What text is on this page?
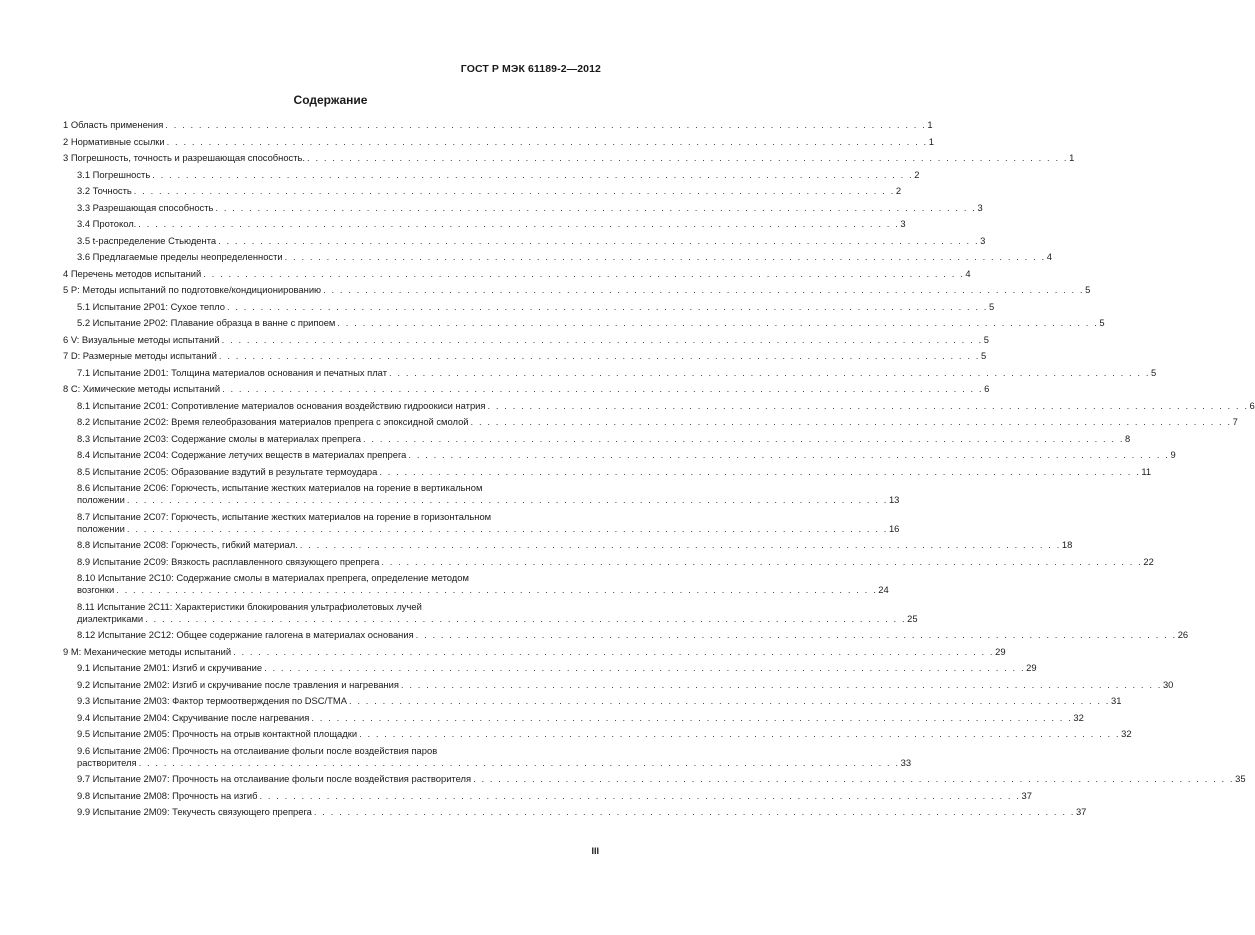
ГОСТ Р МЭК 61189-2—2012
Содержание
1 Область применения . . . . . . . . . . . . . . . . . . . . . . . . . . . . . . . . . . . . . . . . . . . . . . . . . . . . . . . . . . . . . . . . . . . . . . . . . . . . . . . . . . . . . . . . . . . 1
2 Нормативные ссылки . . . . . . . . . . . . . . . . . . . . . . . . . . . . . . . . . . . . . . . . . . . . . . . . . . . . . . . . . . . . . . . . . . . . . . . . . . . . . . . . . . . . . . . . . . . 1
3 Погрешность, точность и разрешающая способность. . . . . . . . . . . . . . . . . . . . . . . . . . . . . . . . . . . . . . . . . . . . . . . . . . . . . . . . . . . . . . . . . . . . . . . . . . . . . . . . . . . . . . . . . . . . 1
3.1 Погрешность . . . . . . . . . . . . . . . . . . . . . . . . . . . . . . . . . . . . . . . . . . . . . . . . . . . . . . . . . . . . . . . . . . . . . . . . . . . . . . . . . . . . . . . . . . . 2
3.2 Точность . . . . . . . . . . . . . . . . . . . . . . . . . . . . . . . . . . . . . . . . . . . . . . . . . . . . . . . . . . . . . . . . . . . . . . . . . . . . . . . . . . . . . . . . . . . 2
3.3 Разрешающая способность . . . . . . . . . . . . . . . . . . . . . . . . . . . . . . . . . . . . . . . . . . . . . . . . . . . . . . . . . . . . . . . . . . . . . . . . . . . . . . . . . . . . . . . . . . . 3
3.4 Протокол. . . . . . . . . . . . . . . . . . . . . . . . . . . . . . . . . . . . . . . . . . . . . . . . . . . . . . . . . . . . . . . . . . . . . . . . . . . . . . . . . . . . . . . . . . . . 3
3.5 t-распределение Стьюдента . . . . . . . . . . . . . . . . . . . . . . . . . . . . . . . . . . . . . . . . . . . . . . . . . . . . . . . . . . . . . . . . . . . . . . . . . . . . . . . . . . . . . . . . . . . 3
3.6 Предлагаемые пределы неопределенности . . . . . . . . . . . . . . . . . . . . . . . . . . . . . . . . . . . . . . . . . . . . . . . . . . . . . . . . . . . . . . . . . . . . . . . . . . . . . . . . . . . . . . . . . . . 4
4 Перечень методов испытаний . . . . . . . . . . . . . . . . . . . . . . . . . . . . . . . . . . . . . . . . . . . . . . . . . . . . . . . . . . . . . . . . . . . . . . . . . . . . . . . . . . . . . . . . . . . 4
5 P: Методы испытаний по подготовке/кондиционированию . . . . . . . . . . . . . . . . . . . . . . . . . . . . . . . . . . . . . . . . . . . . . . . . . . . . . . . . . . . . . . . . . . . . . . . . . . . . . . . . . . . . . . . . . . . 5
5.1 Испытание 2P01: Сухое тепло . . . . . . . . . . . . . . . . . . . . . . . . . . . . . . . . . . . . . . . . . . . . . . . . . . . . . . . . . . . . . . . . . . . . . . . . . . . . . . . . . . . . . . . . . . . 5
5.2 Испытание 2P02: Плавание образца в ванне с припоем . . . . . . . . . . . . . . . . . . . . . . . . . . . . . . . . . . . . . . . . . . . . . . . . . . . . . . . . . . . . . . . . . . . . . . . . . . . . . . . . . . . . . . . . . . . 5
6 V: Визуальные методы испытаний . . . . . . . . . . . . . . . . . . . . . . . . . . . . . . . . . . . . . . . . . . . . . . . . . . . . . . . . . . . . . . . . . . . . . . . . . . . . . . . . . . . . . . . . . . . 5
7 D: Размерные методы испытаний . . . . . . . . . . . . . . . . . . . . . . . . . . . . . . . . . . . . . . . . . . . . . . . . . . . . . . . . . . . . . . . . . . . . . . . . . . . . . . . . . . . . . . . . . . . 5
7.1 Испытание 2D01: Толщина материалов основания и печатных плат . . . . . . . . . . . . . . . . . . . . . . . . . . . . . . . . . . . . . . . . . . . . . . . . . . . . . . . . . . . . . . . . . . . . . . . . . . . . . . . . . . . . . . . . . . . 5
8 C: Химические методы испытаний . . . . . . . . . . . . . . . . . . . . . . . . . . . . . . . . . . . . . . . . . . . . . . . . . . . . . . . . . . . . . . . . . . . . . . . . . . . . . . . . . . . . . . . . . . . 6
8.1 Испытание 2C01: Сопротивление материалов основания воздействию гидроокиси натрия . . . . . . . . . . . . . . . . . . . . . . . . . . . . . . . . . . . . . . . . . . . . . . . . . . . . . . . . . . . . . . . . . . . . . . . . . . . . . . . . . . . . . . . . . . . 6
8.2 Испытание 2C02: Время гелеобразования материалов препрега с эпоксидной смолой . . . . . . . . . . . . . . . . . . . . . . . . . . . . . . . . . . . . . . . . . . . . . . . . . . . . . . . . . . . . . . . . . . . . . . . . . . . . . . . . . . . . . . . . . . . 7
8.3 Испытание 2C03: Содержание смолы в материалах препрега . . . . . . . . . . . . . . . . . . . . . . . . . . . . . . . . . . . . . . . . . . . . . . . . . . . . . . . . . . . . . . . . . . . . . . . . . . . . . . . . . . . . . . . . . . . 8
8.4 Испытание 2C04: Содержание летучих веществ в материалах препрега . . . . . . . . . . . . . . . . . . . . . . . . . . . . . . . . . . . . . . . . . . . . . . . . . . . . . . . . . . . . . . . . . . . . . . . . . . . . . . . . . . . . . . . . . . . 9
8.5 Испытание 2C05: Образование вздутий в результате термоудара . . . . . . . . . . . . . . . . . . . . . . . . . . . . . . . . . . . . . . . . . . . . . . . . . . . . . . . . . . . . . . . . . . . . . . . . . . . . . . . . . . . . . . . . . . . 11
8.6 Испытание 2C06: Горючесть, испытание жестких материалов на горение в вертикальном
положении . . . . . . . . . . . . . . . . . . . . . . . . . . . . . . . . . . . . . . . . . . . . . . . . . . . . . . . . . . . . . . . . . . . . . . . . . . . . . . . . . . . . . . . . . . . 13
8.7 Испытание 2C07: Горючесть, испытание жестких материалов на горение в горизонтальном
положении . . . . . . . . . . . . . . . . . . . . . . . . . . . . . . . . . . . . . . . . . . . . . . . . . . . . . . . . . . . . . . . . . . . . . . . . . . . . . . . . . . . . . . . . . . . 16
8.8 Испытание 2C08: Горючесть, гибкий материал. . . . . . . . . . . . . . . . . . . . . . . . . . . . . . . . . . . . . . . . . . . . . . . . . . . . . . . . . . . . . . . . . . . . . . . . . . . . . . . . . . . . . . . . . . . . 18
8.9 Испытание 2C09: Вязкость расплавленного связующего препрега . . . . . . . . . . . . . . . . . . . . . . . . . . . . . . . . . . . . . . . . . . . . . . . . . . . . . . . . . . . . . . . . . . . . . . . . . . . . . . . . . . . . . . . . . . . 22
8.10 Испытание 2C10: Содержание смолы в материалах препрега, определение методом
возгонки . . . . . . . . . . . . . . . . . . . . . . . . . . . . . . . . . . . . . . . . . . . . . . . . . . . . . . . . . . . . . . . . . . . . . . . . . . . . . . . . . . . . . . . . . . . 24
8.11 Испытание 2C11: Характеристики блокирования ультрафиолетовых лучей
диэлектриками . . . . . . . . . . . . . . . . . . . . . . . . . . . . . . . . . . . . . . . . . . . . . . . . . . . . . . . . . . . . . . . . . . . . . . . . . . . . . . . . . . . . . . . . . . . 25
8.12 Испытание 2C12: Общее содержание галогена в материалах основания . . . . . . . . . . . . . . . . . . . . . . . . . . . . . . . . . . . . . . . . . . . . . . . . . . . . . . . . . . . . . . . . . . . . . . . . . . . . . . . . . . . . . . . . . . . 26
9 M: Механические методы испытаний . . . . . . . . . . . . . . . . . . . . . . . . . . . . . . . . . . . . . . . . . . . . . . . . . . . . . . . . . . . . . . . . . . . . . . . . . . . . . . . . . . . . . . . . . . . 29
9.1 Испытание 2M01: Изгиб и скручивание . . . . . . . . . . . . . . . . . . . . . . . . . . . . . . . . . . . . . . . . . . . . . . . . . . . . . . . . . . . . . . . . . . . . . . . . . . . . . . . . . . . . . . . . . . . 29
9.2 Испытание 2M02: Изгиб и скручивание после травления и нагревания . . . . . . . . . . . . . . . . . . . . . . . . . . . . . . . . . . . . . . . . . . . . . . . . . . . . . . . . . . . . . . . . . . . . . . . . . . . . . . . . . . . . . . . . . . . 30
9.3 Испытание 2M03: Фактор термоотверждения по DSC/TMA . . . . . . . . . . . . . . . . . . . . . . . . . . . . . . . . . . . . . . . . . . . . . . . . . . . . . . . . . . . . . . . . . . . . . . . . . . . . . . . . . . . . . . . . . . . 31
9.4 Испытание 2M04: Скручивание после нагревания . . . . . . . . . . . . . . . . . . . . . . . . . . . . . . . . . . . . . . . . . . . . . . . . . . . . . . . . . . . . . . . . . . . . . . . . . . . . . . . . . . . . . . . . . . . 32
9.5 Испытание 2M05: Прочность на отрыв контактной площадки . . . . . . . . . . . . . . . . . . . . . . . . . . . . . . . . . . . . . . . . . . . . . . . . . . . . . . . . . . . . . . . . . . . . . . . . . . . . . . . . . . . . . . . . . . . 32
9.6 Испытание 2M06: Прочность на отслаивание фольги после воздействия паров
растворителя . . . . . . . . . . . . . . . . . . . . . . . . . . . . . . . . . . . . . . . . . . . . . . . . . . . . . . . . . . . . . . . . . . . . . . . . . . . . . . . . . . . . . . . . . . . 33
9.7 Испытание 2M07: Прочность на отслаивание фольги после воздействия растворителя . . . . . . . . . . . . . . . . . . . . . . . . . . . . . . . . . . . . . . . . . . . . . . . . . . . . . . . . . . . . . . . . . . . . . . . . . . . . . . . . . . . . . . . . . . . 35
9.8 Испытание 2M08: Прочность на изгиб . . . . . . . . . . . . . . . . . . . . . . . . . . . . . . . . . . . . . . . . . . . . . . . . . . . . . . . . . . . . . . . . . . . . . . . . . . . . . . . . . . . . . . . . . . . 37
9.9 Испытание 2M09: Текучесть связующего препрега . . . . . . . . . . . . . . . . . . . . . . . . . . . . . . . . . . . . . . . . . . . . . . . . . . . . . . . . . . . . . . . . . . . . . . . . . . . . . . . . . . . . . . . . . . . 37
III
